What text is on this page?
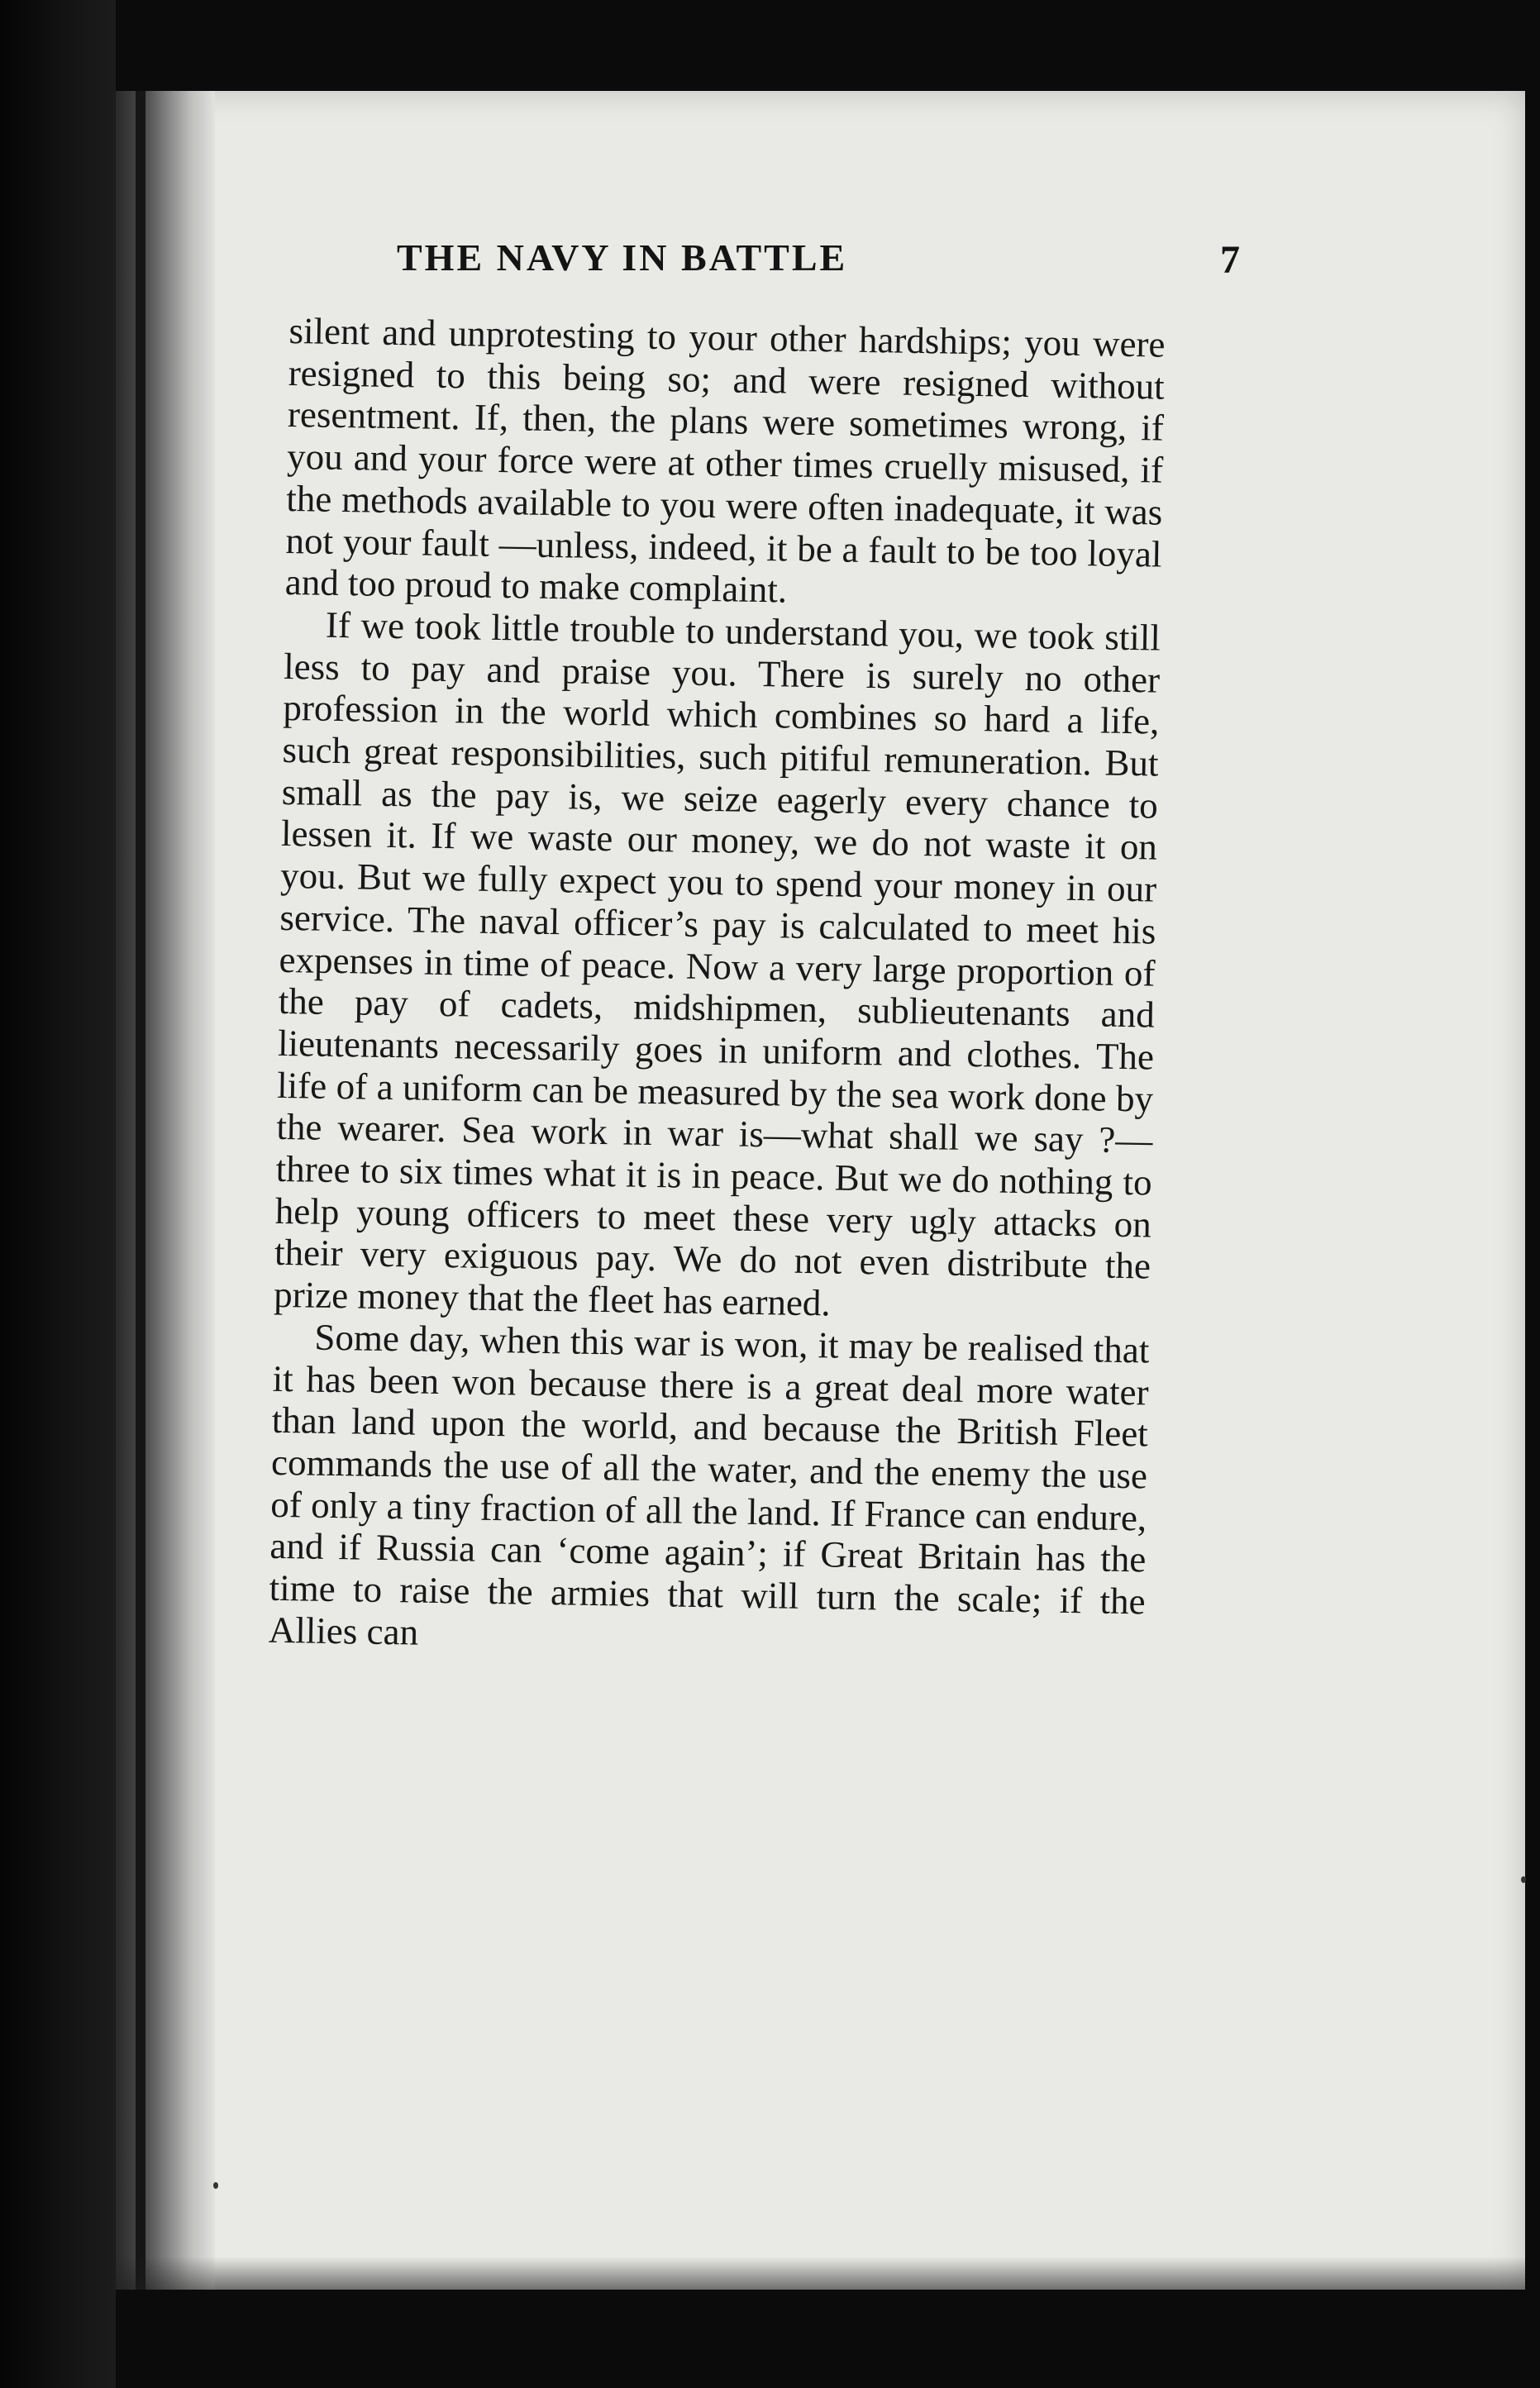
THE NAVY IN BATTLE	7

silent and unprotesting to your other hardships; you were resigned to this being so; and were resigned without resentment. If, then, the plans were sometimes wrong, if you and your force were at other times cruelly misused, if the methods available to you were often inadequate, it was not your fault —unless, indeed, it be a fault to be too loyal and too proud to make complaint.

If we took little trouble to understand you, we took still less to pay and praise you. There is surely no other profession in the world which combines so hard a life, such great responsibilities, such pitiful remuneration. But small as the pay is, we seize eagerly every chance to lessen it. If we waste our money, we do not waste it on you. But we fully expect you to spend your money in our service. The naval officer’s pay is calculated to meet his expenses in time of peace. Now a very large proportion of the pay of cadets, midshipmen, sublieutenants and lieutenants necessarily goes in uniform and clothes. The life of a uniform can be measured by the sea work done by the wearer. Sea work in war is—what shall we say ?—three to six times what it is in peace. But we do nothing to help young officers to meet these very ugly attacks on their very exiguous pay. We do not even distribute the prize money that the fleet has earned.

Some day, when this war is won, it may be realised that it has been won because there is a great deal more water than land upon the world, and because the British Fleet commands the use of all the water, and the enemy the use of only a tiny fraction of all the land. If France can endure, and if Russia can ‘come again’; if Great Britain has the time to raise the armies that will turn the scale; if the Allies can
